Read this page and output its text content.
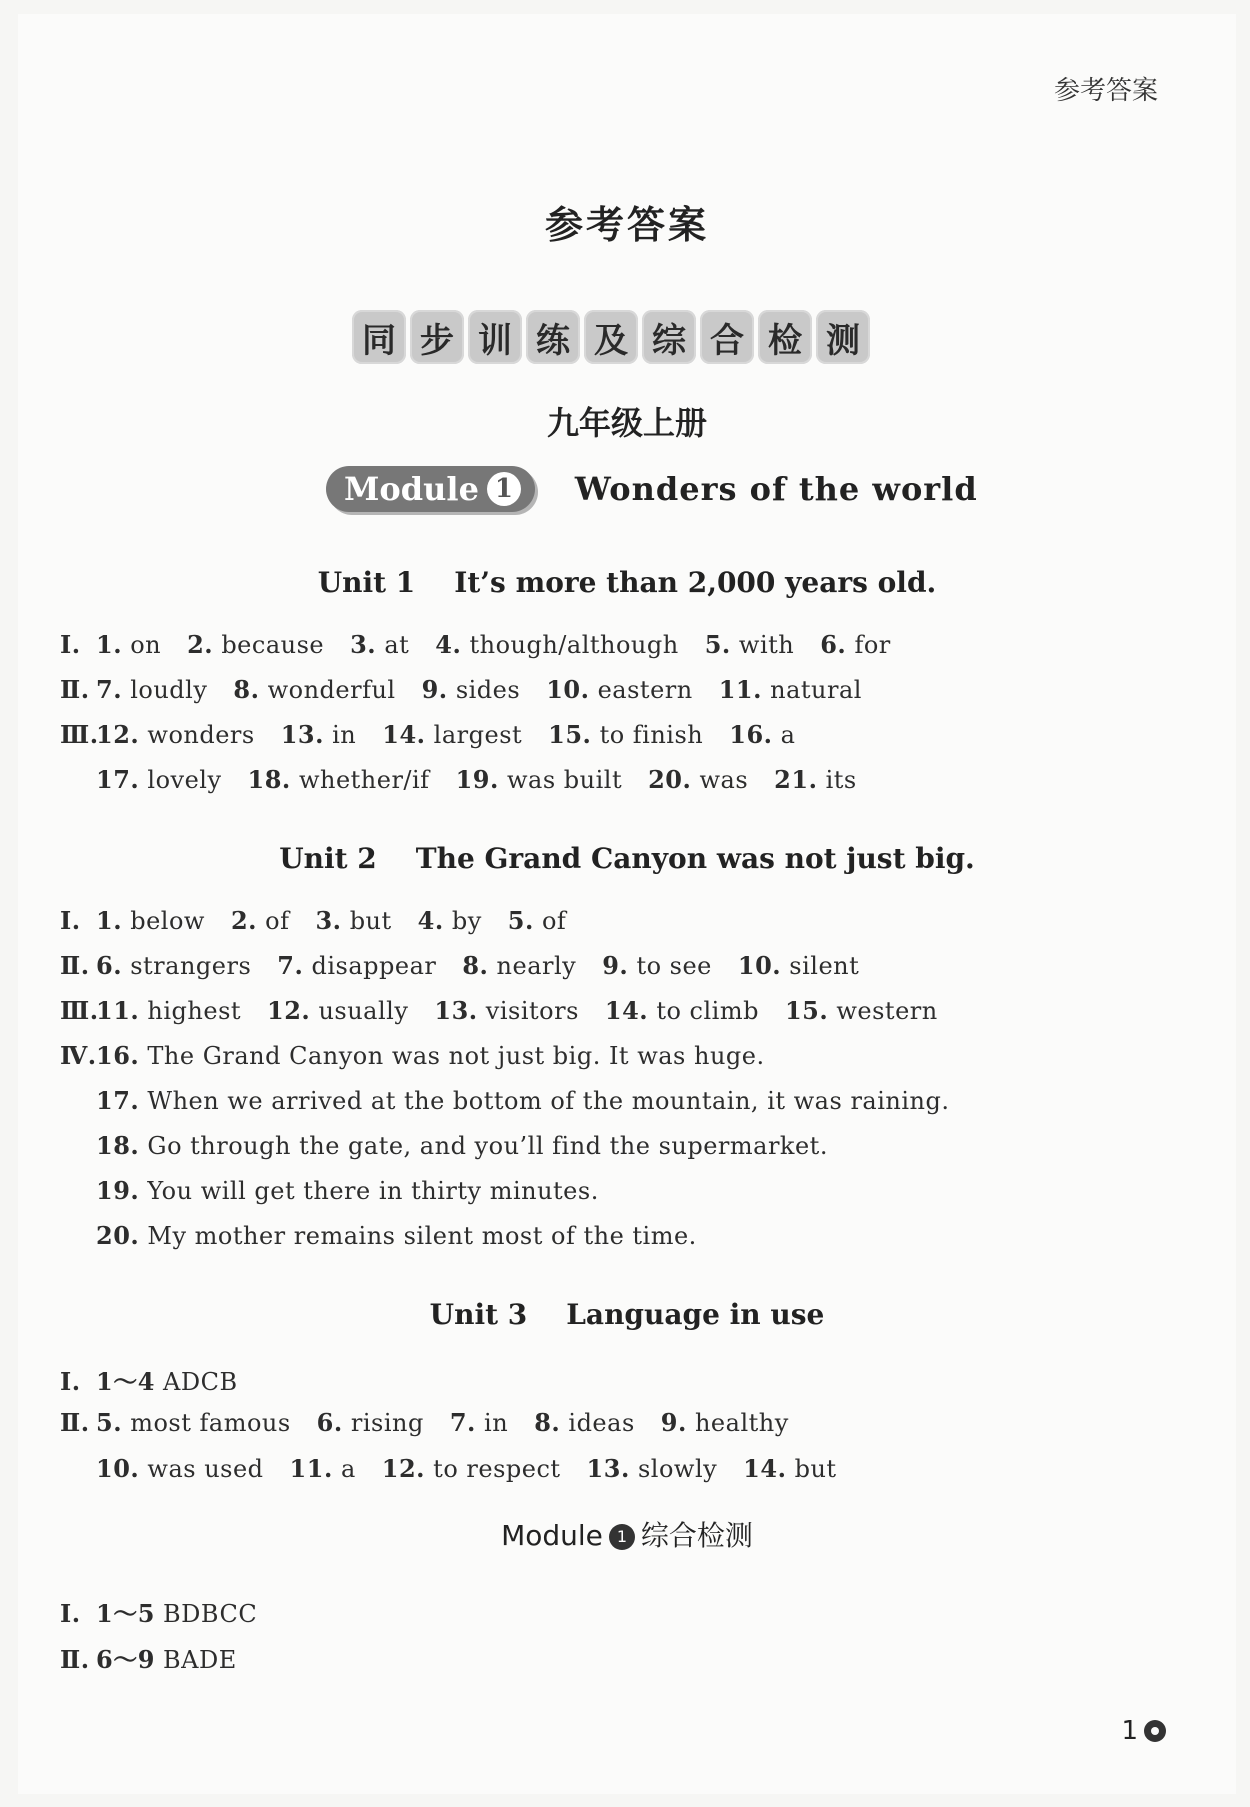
参考答案
参考答案
同 步 训 练 及 综 合 检 测
九年级上册
Module 1 Wonders of the world
Unit 1    It’s more than 2,000 years old.
Ⅰ. 1. on 2. because 3. at 4. though/although 5. with 6. for
Ⅱ. 7. loudly 8. wonderful 9. sides 10. eastern 11. natural
Ⅲ.12. wonders 13. in 14. largest 15. to finish 16. a
17. lovely 18. whether/if 19. was built 20. was 21. its
Unit 2    The Grand Canyon was not just big.
Ⅰ. 1. below 2. of 3. but 4. by 5. of
Ⅱ. 6. strangers 7. disappear 8. nearly 9. to see 10. silent
Ⅲ.11. highest 12. usually 13. visitors 14. to climb 15. western
Ⅳ.16. The Grand Canyon was not just big. It was huge.
17. When we arrived at the bottom of the mountain, it was raining.
18. Go through the gate, and you’ll find the supermarket.
19. You will get there in thirty minutes.
20. My mother remains silent most of the time.
Unit 3    Language in use
Ⅰ. 1～4 ADCB
Ⅱ. 5. most famous 6. rising 7. in 8. ideas 9. healthy
10. was used 11. a 12. to respect 13. slowly 14. but
Module 1 综合检测
Ⅰ. 1～5 BDBCC
Ⅱ. 6～9 BADE
1
